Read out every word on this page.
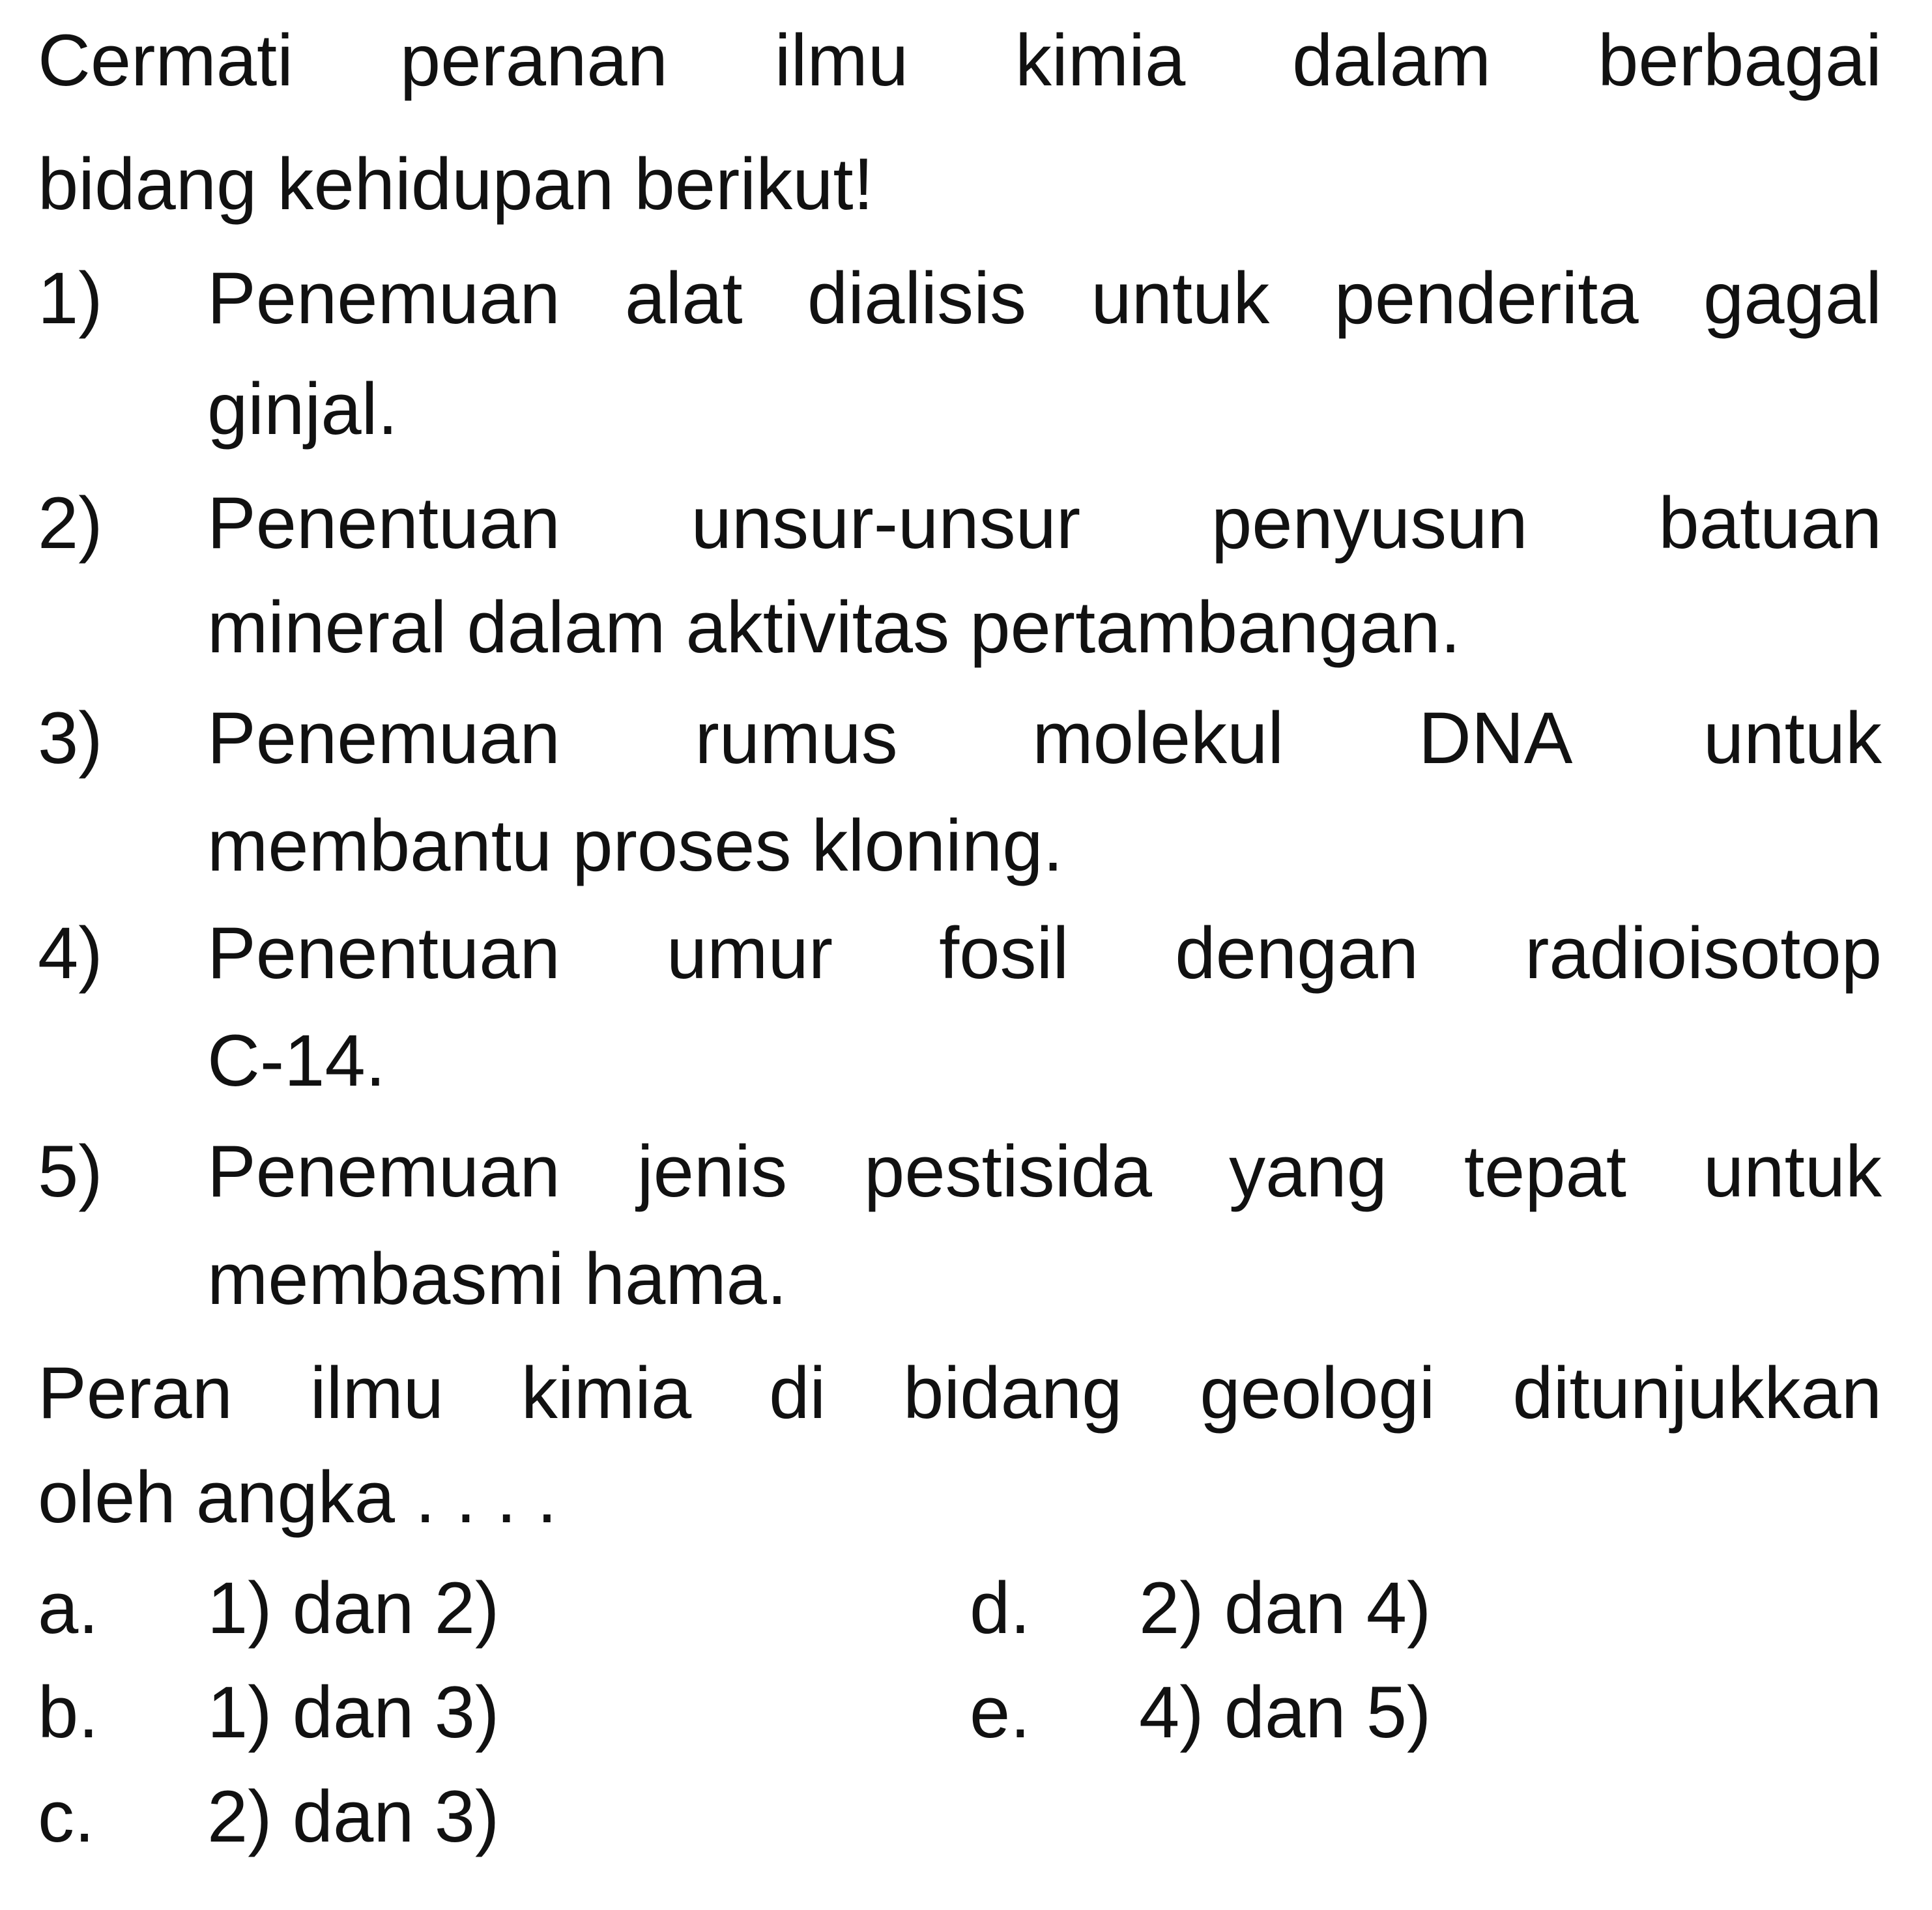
Cermati peranan ilmu kimia dalam berbagai
bidang kehidupan berikut!
1) Penemuan alat dialisis untuk penderita gagal
ginjal.
2) Penentuan unsur-unsur penyusun batuan
mineral dalam aktivitas pertambangan.
3) Penemuan rumus molekul DNA untuk
membantu proses kloning.
4) Penentuan umur fosil dengan radioisotop
C-14.
5) Penemuan jenis pestisida yang tepat untuk
membasmi hama.
Peran ilmu kimia di bidang geologi ditunjukkan
oleh angka . . . .
a. 1) dan 2)
b. 1) dan 3)
c. 2) dan 3)
d. 2) dan 4)
e. 4) dan 5)
